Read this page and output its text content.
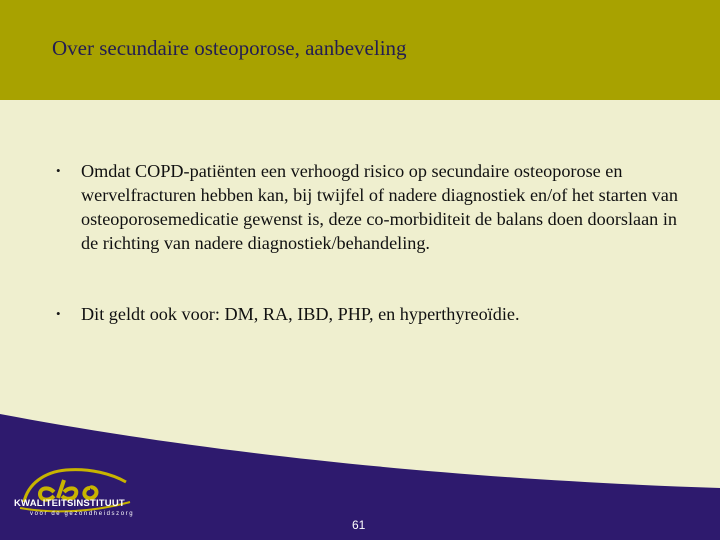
Over secundaire osteoporose, aanbeveling
• Omdat COPD-patiënten een verhoogd risico op secundaire osteoporose en wervelfracturen hebben kan, bij twijfel of nadere diagnostiek en/of het starten van osteoporosemedicatie gewenst is, deze co-morbiditeit de balans doen doorslaan in de richting van nadere diagnostiek/behandeling.
• Dit geldt ook voor: DM, RA, IBD, PHP, en hyperthyreoïdie.
KWALITEITSINSTITUUT
voor de gezondheidszorg
61
